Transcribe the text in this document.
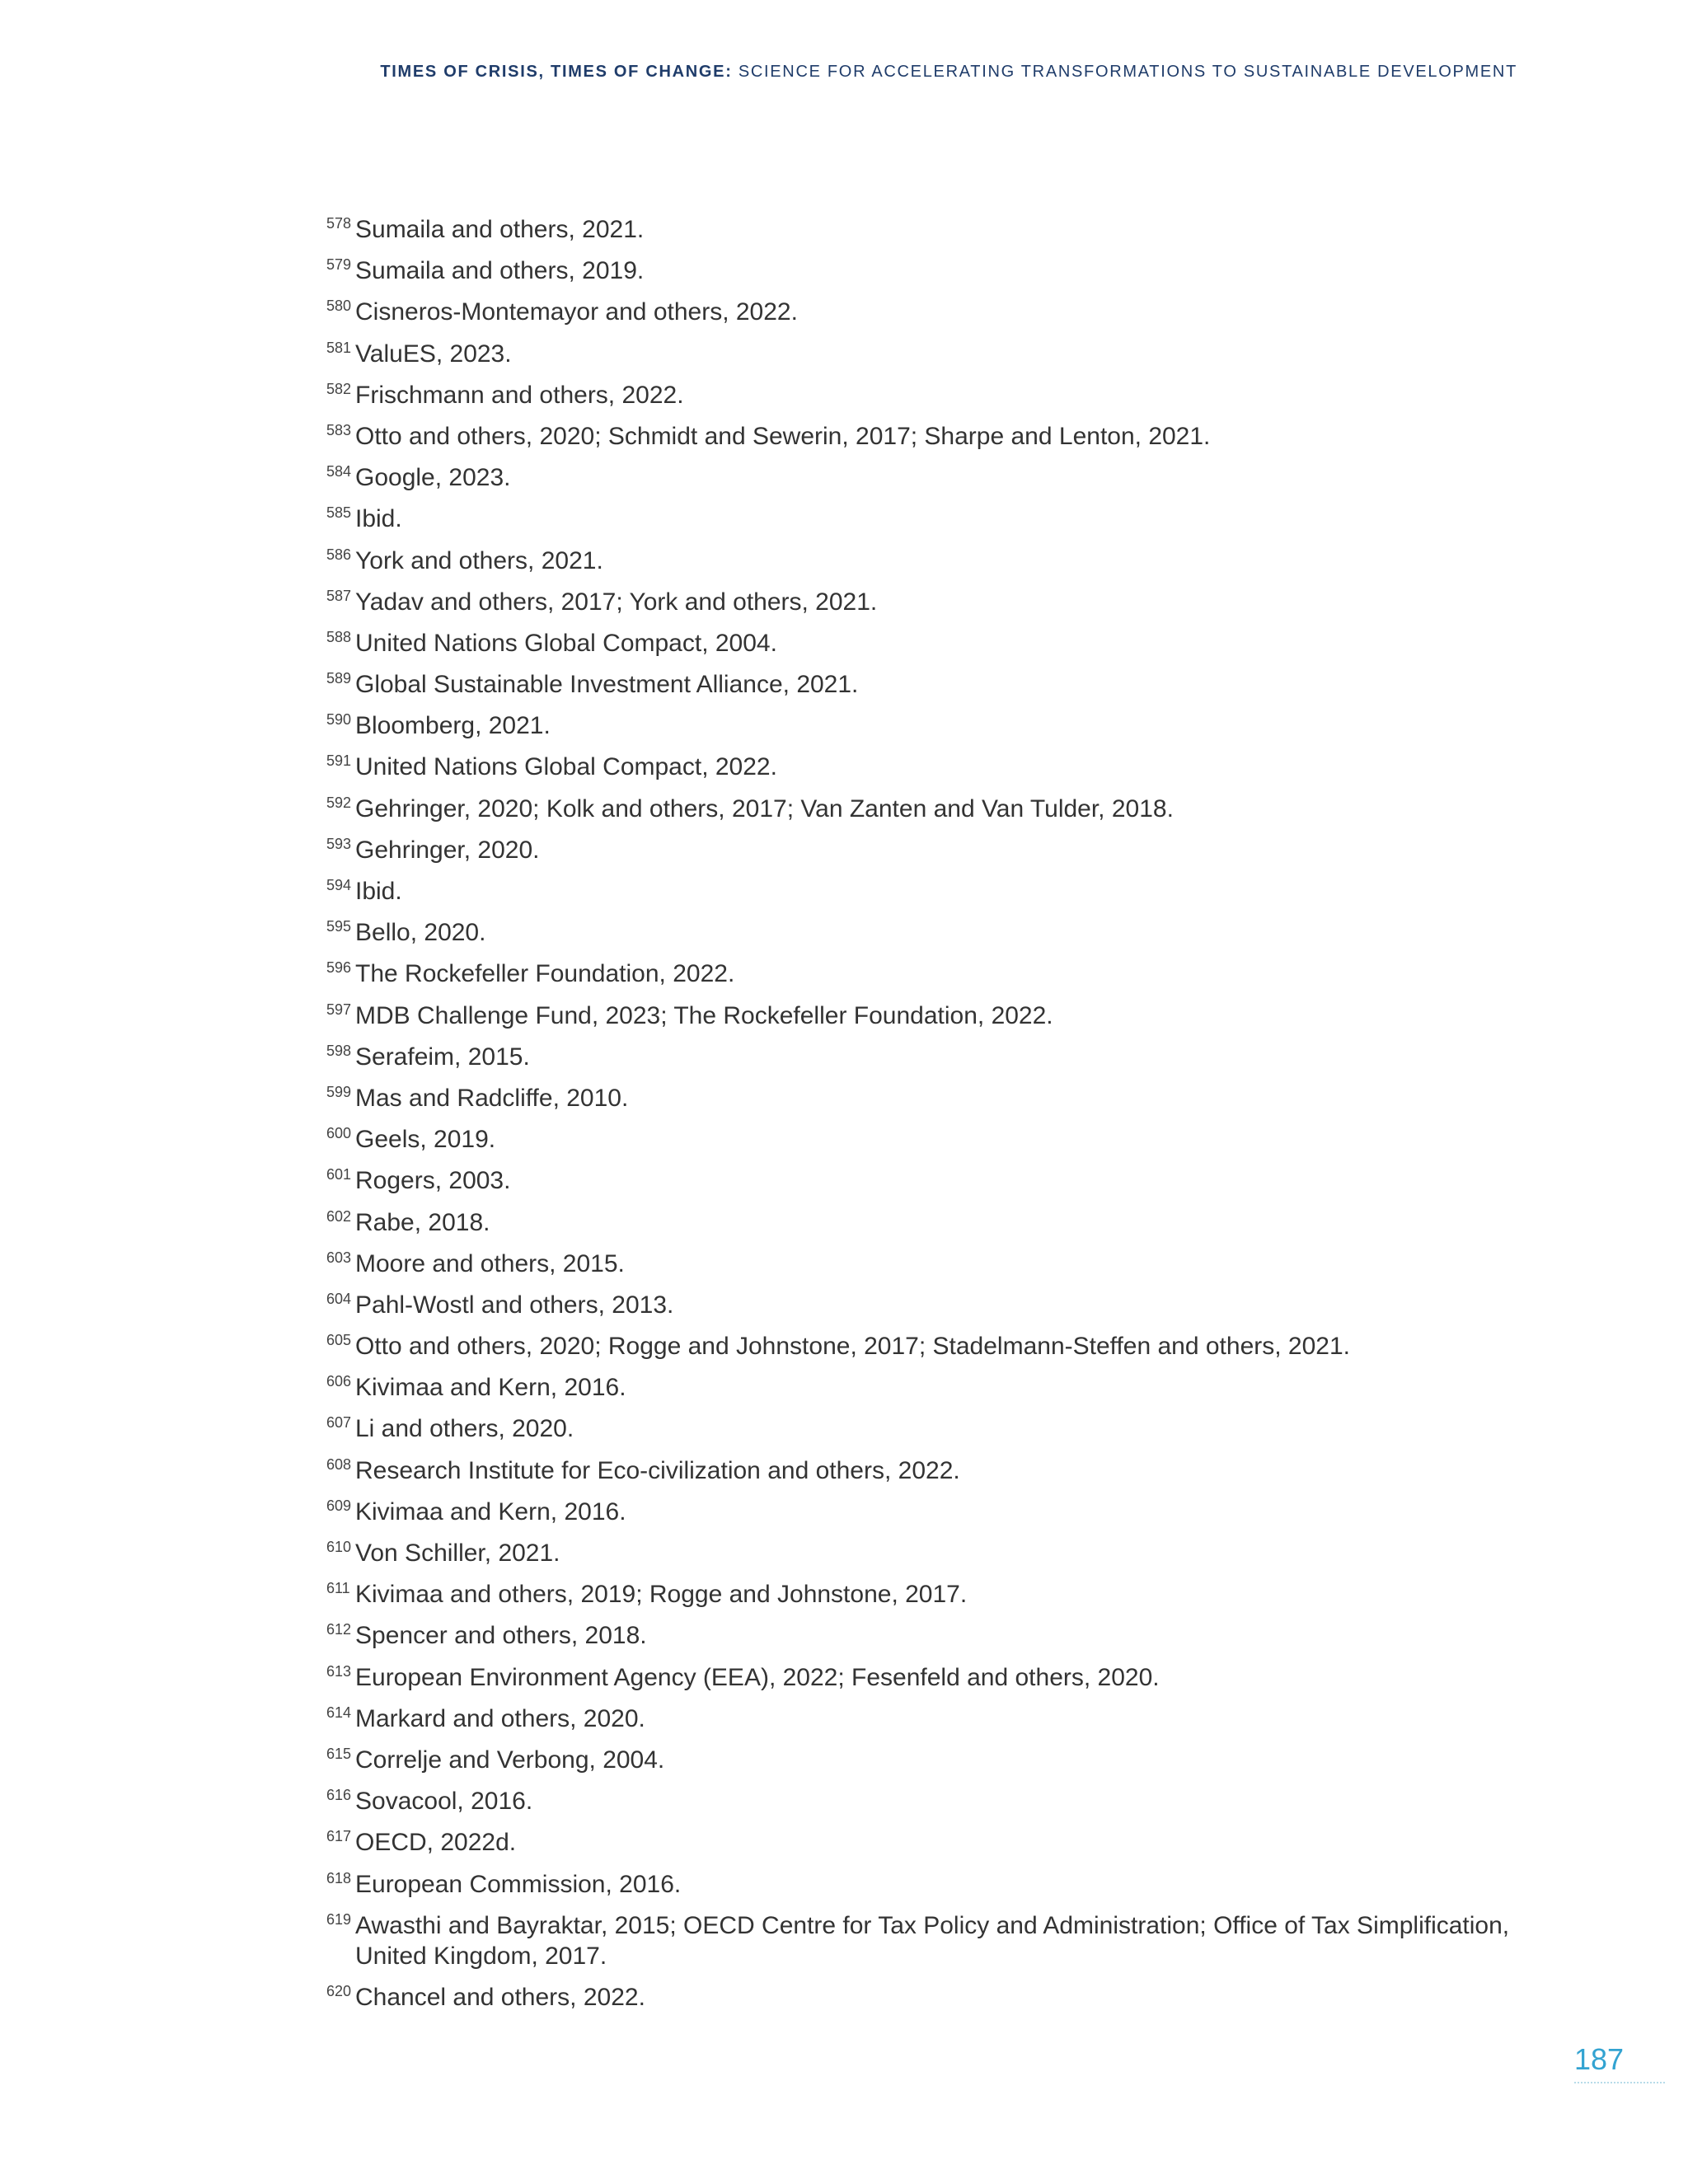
TIMES OF CRISIS, TIMES OF CHANGE: SCIENCE FOR ACCELERATING TRANSFORMATIONS TO SUSTAINABLE DEVELOPMENT
578 Sumaila and others, 2021.
579 Sumaila and others, 2019.
580 Cisneros-Montemayor and others, 2022.
581 ValuES, 2023.
582 Frischmann and others, 2022.
583 Otto and others, 2020; Schmidt and Sewerin, 2017; Sharpe and Lenton, 2021.
584 Google, 2023.
585 Ibid.
586 York and others, 2021.
587 Yadav and others, 2017; York and others, 2021.
588 United Nations Global Compact, 2004.
589 Global Sustainable Investment Alliance, 2021.
590 Bloomberg, 2021.
591 United Nations Global Compact, 2022.
592 Gehringer, 2020; Kolk and others, 2017; Van Zanten and Van Tulder, 2018.
593 Gehringer, 2020.
594 Ibid.
595 Bello, 2020.
596 The Rockefeller Foundation, 2022.
597 MDB Challenge Fund, 2023; The Rockefeller Foundation, 2022.
598 Serafeim, 2015.
599 Mas and Radcliffe, 2010.
600 Geels, 2019.
601 Rogers, 2003.
602 Rabe, 2018.
603 Moore and others, 2015.
604 Pahl-Wostl and others, 2013.
605 Otto and others, 2020; Rogge and Johnstone, 2017; Stadelmann-Steffen and others, 2021.
606 Kivimaa and Kern, 2016.
607 Li and others, 2020.
608 Research Institute for Eco-civilization and others, 2022.
609 Kivimaa and Kern, 2016.
610 Von Schiller, 2021.
611 Kivimaa and others, 2019; Rogge and Johnstone, 2017.
612 Spencer and others, 2018.
613 European Environment Agency (EEA), 2022; Fesenfeld and others, 2020.
614 Markard and others, 2020.
615 Correlje and Verbong, 2004.
616 Sovacool, 2016.
617 OECD, 2022d.
618 European Commission, 2016.
619 Awasthi and Bayraktar, 2015; OECD Centre for Tax Policy and Administration; Office of Tax Simplification, United Kingdom, 2017.
620 Chancel and others, 2022.
187
